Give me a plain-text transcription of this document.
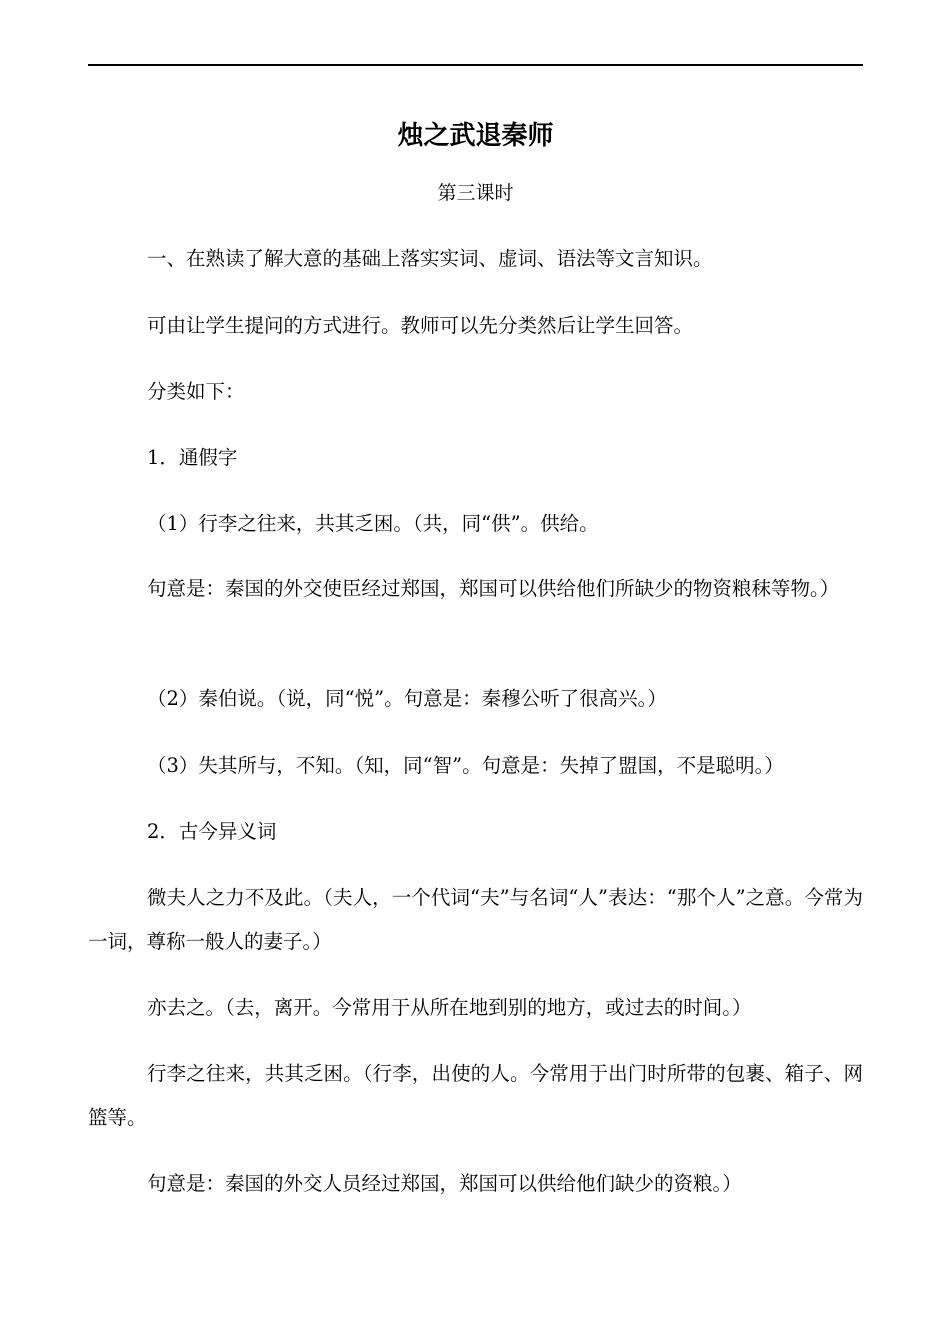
烛之武退秦师
第三课时

一、在熟读了解大意的基础上落实实词、虚词、语法等文言知识。

可由让学生提问的方式进行。教师可以先分类然后让学生回答。

分类如下：

1．通假字

（1）行李之往来，共其乏困。（共，同“供”。供给。

句意是：秦国的外交使臣经过郑国，郑国可以供给他们所缺少的物资粮秣等物。）

（2）秦伯说。（说，同“悦”。句意是：秦穆公听了很高兴。）

（3）失其所与，不知。（知，同“智”。句意是：失掉了盟国，不是聪明。）

2．古今异义词

微夫人之力不及此。（夫人，一个代词“夫”与名词“人”表达：“那个人”之意。今常为一词，尊称一般人的妻子。）

亦去之。（去，离开。今常用于从所在地到别的地方，或过去的时间。）

行李之往来，共其乏困。（行李，出使的人。今常用于出门时所带的包裹、箱子、网篮等。

句意是：秦国的外交人员经过郑国，郑国可以供给他们缺少的资粮。）
